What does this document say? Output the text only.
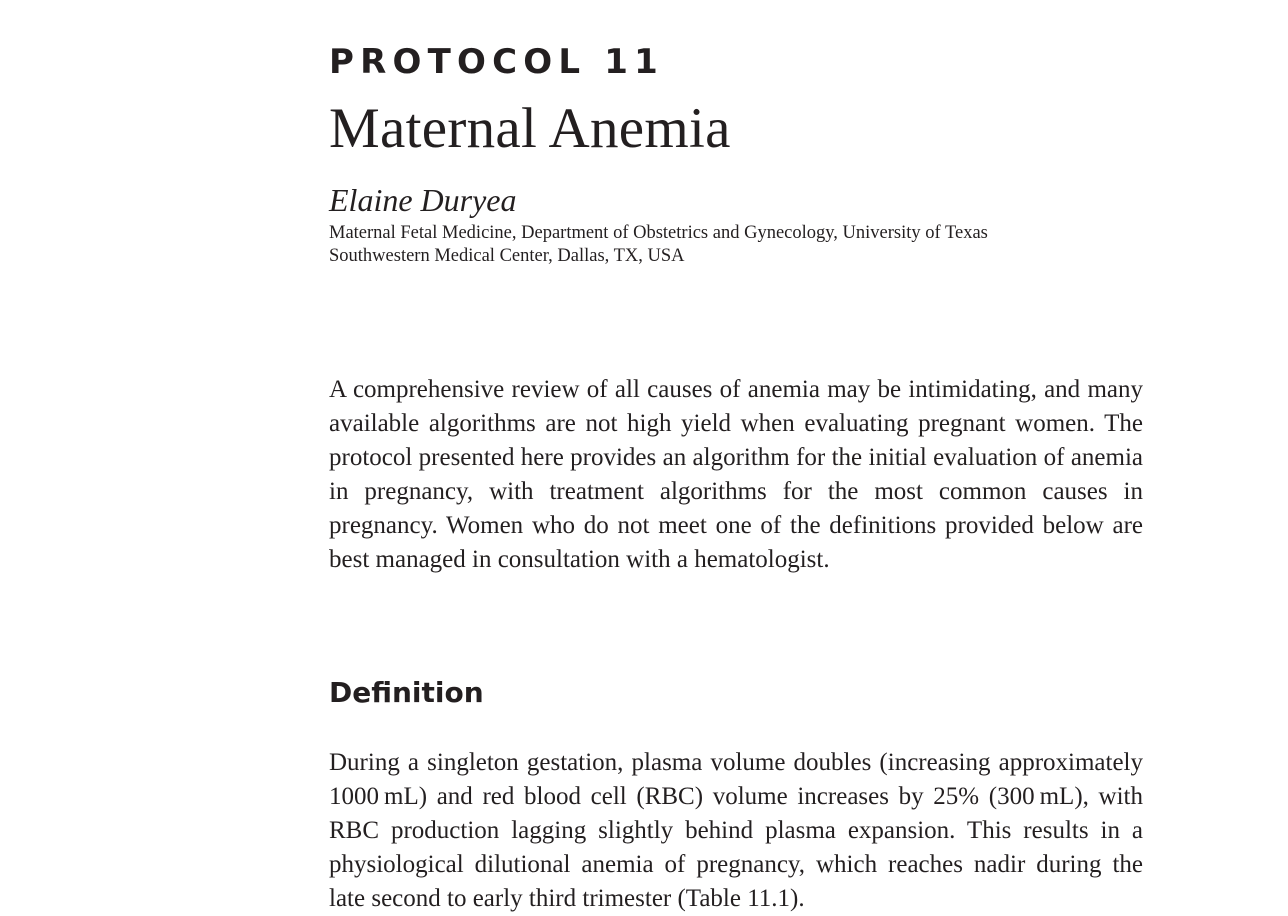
PROTOCOL 11
Maternal Anemia
Elaine Duryea
Maternal Fetal Medicine, Department of Obstetrics and Gynecology, University of Texas
Southwestern Medical Center, Dallas, TX, USA

A comprehensive review of all causes of anemia may be intimidating, and many available algorithms are not high yield when evaluating pregnant women. The protocol presented here provides an algorithm for the initial evaluation of anemia in pregnancy, with treatment algorithms for the most common causes in pregnancy. Women who do not meet one of the definitions provided below are best managed in consultation with a hematologist.

Definition

During a singleton gestation, plasma volume doubles (increasing approximately 1000 mL) and red blood cell (RBC) volume increases by 25% (300 mL), with RBC production lagging slightly behind plasma expansion. This results in a physiological dilutional anemia of pregnancy, which reaches nadir during the late second to early third trimester (Table 11.1).
